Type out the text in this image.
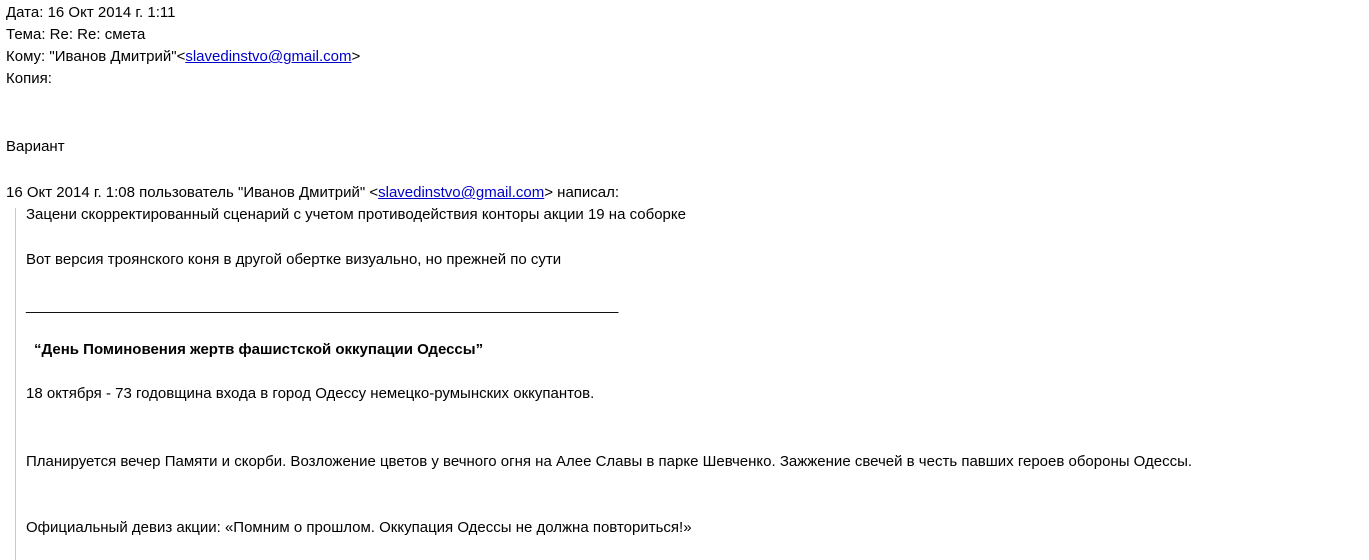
Дата: 16 Окт 2014 г. 1:11
Тема: Re: Re: смета
Кому: "Иванов Дмитрий"<slavedinstvo@gmail.com>
Копия:
Вариант
16 Окт 2014 г. 1:08 пользователь "Иванов Дмитрий" <slavedinstvo@gmail.com> написал:
Зацени скорректированный сценарий с учетом противодействия конторы акции 19 на соборке
Вот версия троянского коня в другой обертке визуально, но прежней по сути
_______________________________________________________________________
“День Поминовения жертв фашистской оккупации Одессы”
18 октября - 73 годовщина входа в город Одессу немецко-румынских оккупантов.
Планируется вечер Памяти и скорби. Возложение цветов у вечного огня на Алее Славы в парке Шевченко. Зажжение свечей в честь павших героев обороны Одессы.
Официальный девиз акции: «Помним о прошлом. Оккупация Одессы не должна повториться!»
